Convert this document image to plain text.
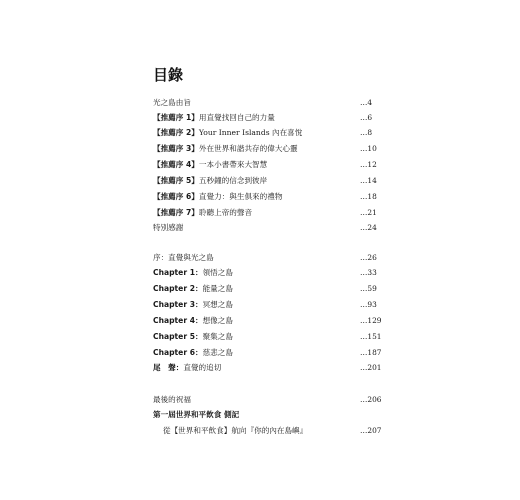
目錄
光之島由旨	…4
【推薦序 1】用直覺找回自己的力量	…6
【推薦序 2】Your Inner Islands 內在喜悅	…8
【推薦序 3】外在世界和諧共存的偉大心靈	…10
【推薦序 4】一本小書帶來大智慧	…12
【推薦序 5】五秒鐘的信念到彼岸	…14
【推薦序 6】直覺力：與生俱來的禮物	…18
【推薦序 7】聆聽上帝的聲音	…21
特別感謝	…24
序：直覺與光之島	…26
Chapter 1：領悟之島	…33
Chapter 2：能量之島	…59
Chapter 3：冥想之島	…93
Chapter 4：想像之島	…129
Chapter 5：聚集之島	…151
Chapter 6：慈悲之島	…187
尾　聲：直覺的追切	…201
最後的祝福	…206
第一屆世界和平飲食 側記
從【世界和平飲食】航向『你的內在島嶼』	…207
